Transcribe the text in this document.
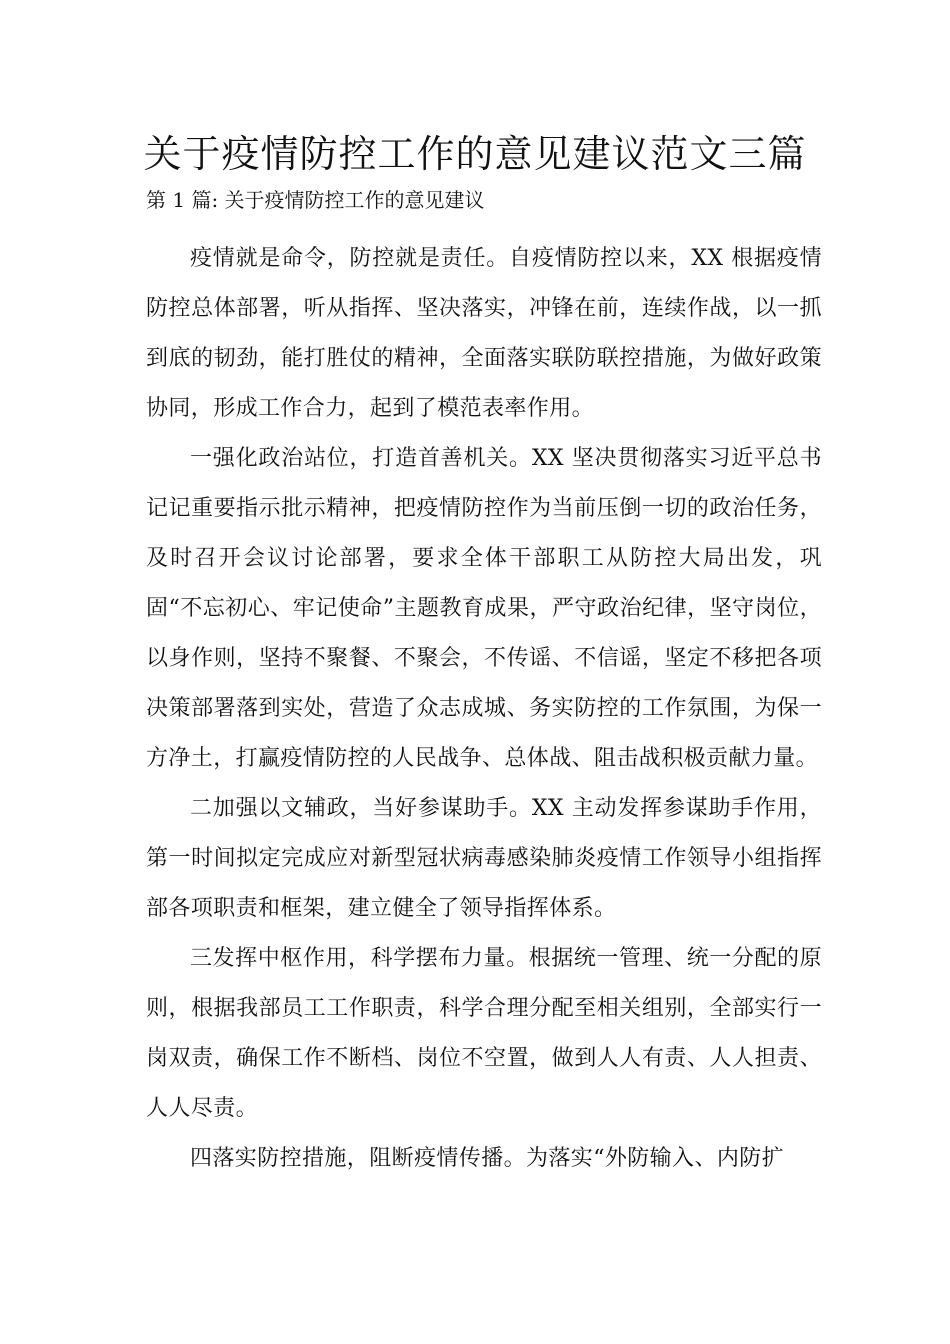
关于疫情防控工作的意见建议范文三篇

第 1 篇: 关于疫情防控工作的意见建议

疫情就是命令，防控就是责任。自疫情防控以来，XX 根据疫情防控总体部署，听从指挥、坚决落实，冲锋在前，连续作战，以一抓到底的韧劲，能打胜仗的精神，全面落实联防联控措施，为做好政策协同，形成工作合力，起到了模范表率作用。

一强化政治站位，打造首善机关。XX 坚决贯彻落实习近平总书记记重要指示批示精神，把疫情防控作为当前压倒一切的政治任务，及时召开会议讨论部署，要求全体干部职工从防控大局出发，巩固“不忘初心、牢记使命”主题教育成果，严守政治纪律，坚守岗位，以身作则，坚持不聚餐、不聚会，不传谣、不信谣，坚定不移把各项决策部署落到实处，营造了众志成城、务实防控的工作氛围，为保一方净土，打赢疫情防控的人民战争、总体战、阻击战积极贡献力量。

二加强以文辅政，当好参谋助手。XX 主动发挥参谋助手作用，第一时间拟定完成应对新型冠状病毒感染肺炎疫情工作领导小组指挥部各项职责和框架，建立健全了领导指挥体系。

三发挥中枢作用，科学摆布力量。根据统一管理、统一分配的原则，根据我部员工工作职责，科学合理分配至相关组别，全部实行一岗双责，确保工作不断档、岗位不空置，做到人人有责、人人担责、人人尽责。

四落实防控措施，阻断疫情传播。为落实“外防输入、内防扩
